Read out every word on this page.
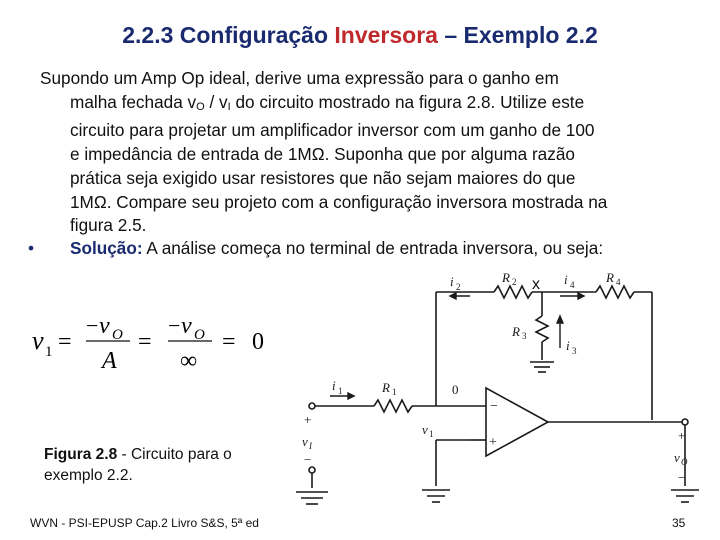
2.2.3 Configuração Inversora – Exemplo 2.2
Supondo um Amp Op ideal, derive uma expressão para o ganho em
malha fechada vO / vI do circuito mostrado na figura 2.8. Utilize este
circuito para projetar um amplificador inversor com um ganho de 100
e impedância de entrada de 1MΩ. Suponha que por alguma razão
prática seja exigido usar resistores que não sejam maiores do que
1MΩ. Compare seu projeto com a configuração inversora mostrada na
figura 2.5.
• Solução: A análise começa no terminal de entrada inversora, ou seja:
v 1 =
− v O
A
=
− v O
∞
= 0
i 2
R 2	i 4 R 4
R 3
i 3
i 1	R 1	0
+
−
v I
v 1	+
−
v O
−
+
x
Figura 2.8 - Circuito para o exemplo 2.2.
WVN - PSI-EPUSP Cap.2 Livro S&S, 5ª ed	35
